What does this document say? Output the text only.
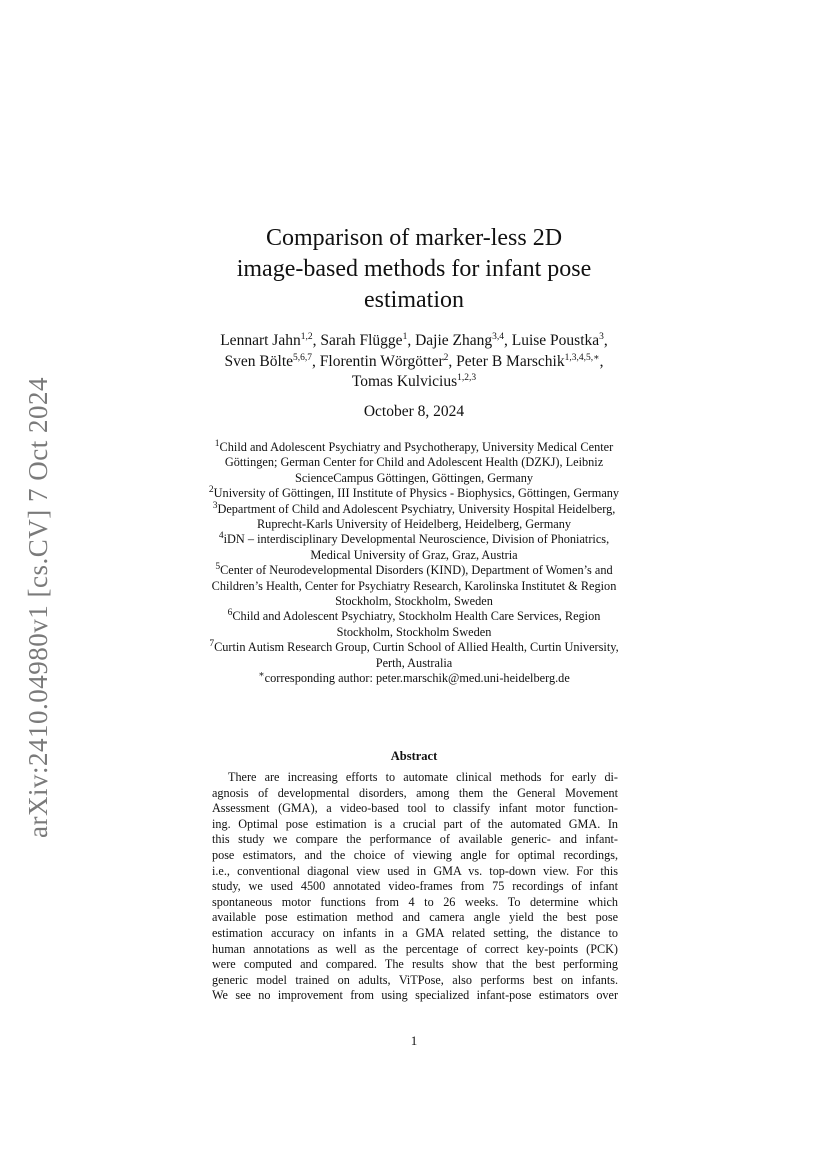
arXiv:2410.04980v1 [cs.CV] 7 Oct 2024
Comparison of marker-less 2D
image-based methods for infant pose
estimation
Lennart Jahn$^{1,2}$, Sarah Flügge$^1$, Dajie Zhang$^{3,4}$, Luise Poustka$^3$,
Sven Bölte$^{5,6,7}$, Florentin Wörgötter$^2$, Peter B Marschik$^{1,3,4,5,∗}$,
Tomas Kulvicius$^{1,2,3}$
October 8, 2024
$^1$Child and Adolescent Psychiatry and Psychotherapy, University Medical Center
Göttingen; German Center for Child and Adolescent Health (DZKJ), Leibniz
ScienceCampus Göttingen, Göttingen, Germany
$^2$University of Göttingen, III Institute of Physics - Biophysics, Göttingen, Germany
$^3$Department of Child and Adolescent Psychiatry, University Hospital Heidelberg,
Ruprecht-Karls University of Heidelberg, Heidelberg, Germany
$^4$iDN – interdisciplinary Developmental Neuroscience, Division of Phoniatrics,
Medical University of Graz, Graz, Austria
$^5$Center of Neurodevelopmental Disorders (KIND), Department of Women’s and
Children’s Health, Center for Psychiatry Research, Karolinska Institutet & Region
Stockholm, Stockholm, Sweden
$^6$Child and Adolescent Psychiatry, Stockholm Health Care Services, Region
Stockholm, Stockholm Sweden
$^7$Curtin Autism Research Group, Curtin School of Allied Health, Curtin University,
Perth, Australia
∗corresponding author: peter.marschik@med.uni-heidelberg.de
Abstract
There are increasing efforts to automate clinical methods for early di-
agnosis of developmental disorders, among them the General Movement
Assessment (GMA), a video-based tool to classify infant motor function-
ing. Optimal pose estimation is a crucial part of the automated GMA. In
this study we compare the performance of available generic- and infant-
pose estimators, and the choice of viewing angle for optimal recordings,
i.e., conventional diagonal view used in GMA vs. top-down view. For this
study, we used 4500 annotated video-frames from 75 recordings of infant
spontaneous motor functions from 4 to 26 weeks. To determine which
available pose estimation method and camera angle yield the best pose
estimation accuracy on infants in a GMA related setting, the distance to
human annotations as well as the percentage of correct key-points (PCK)
were computed and compared. The results show that the best performing
generic model trained on adults, ViTPose, also performs best on infants.
We see no improvement from using specialized infant-pose estimators over
1
